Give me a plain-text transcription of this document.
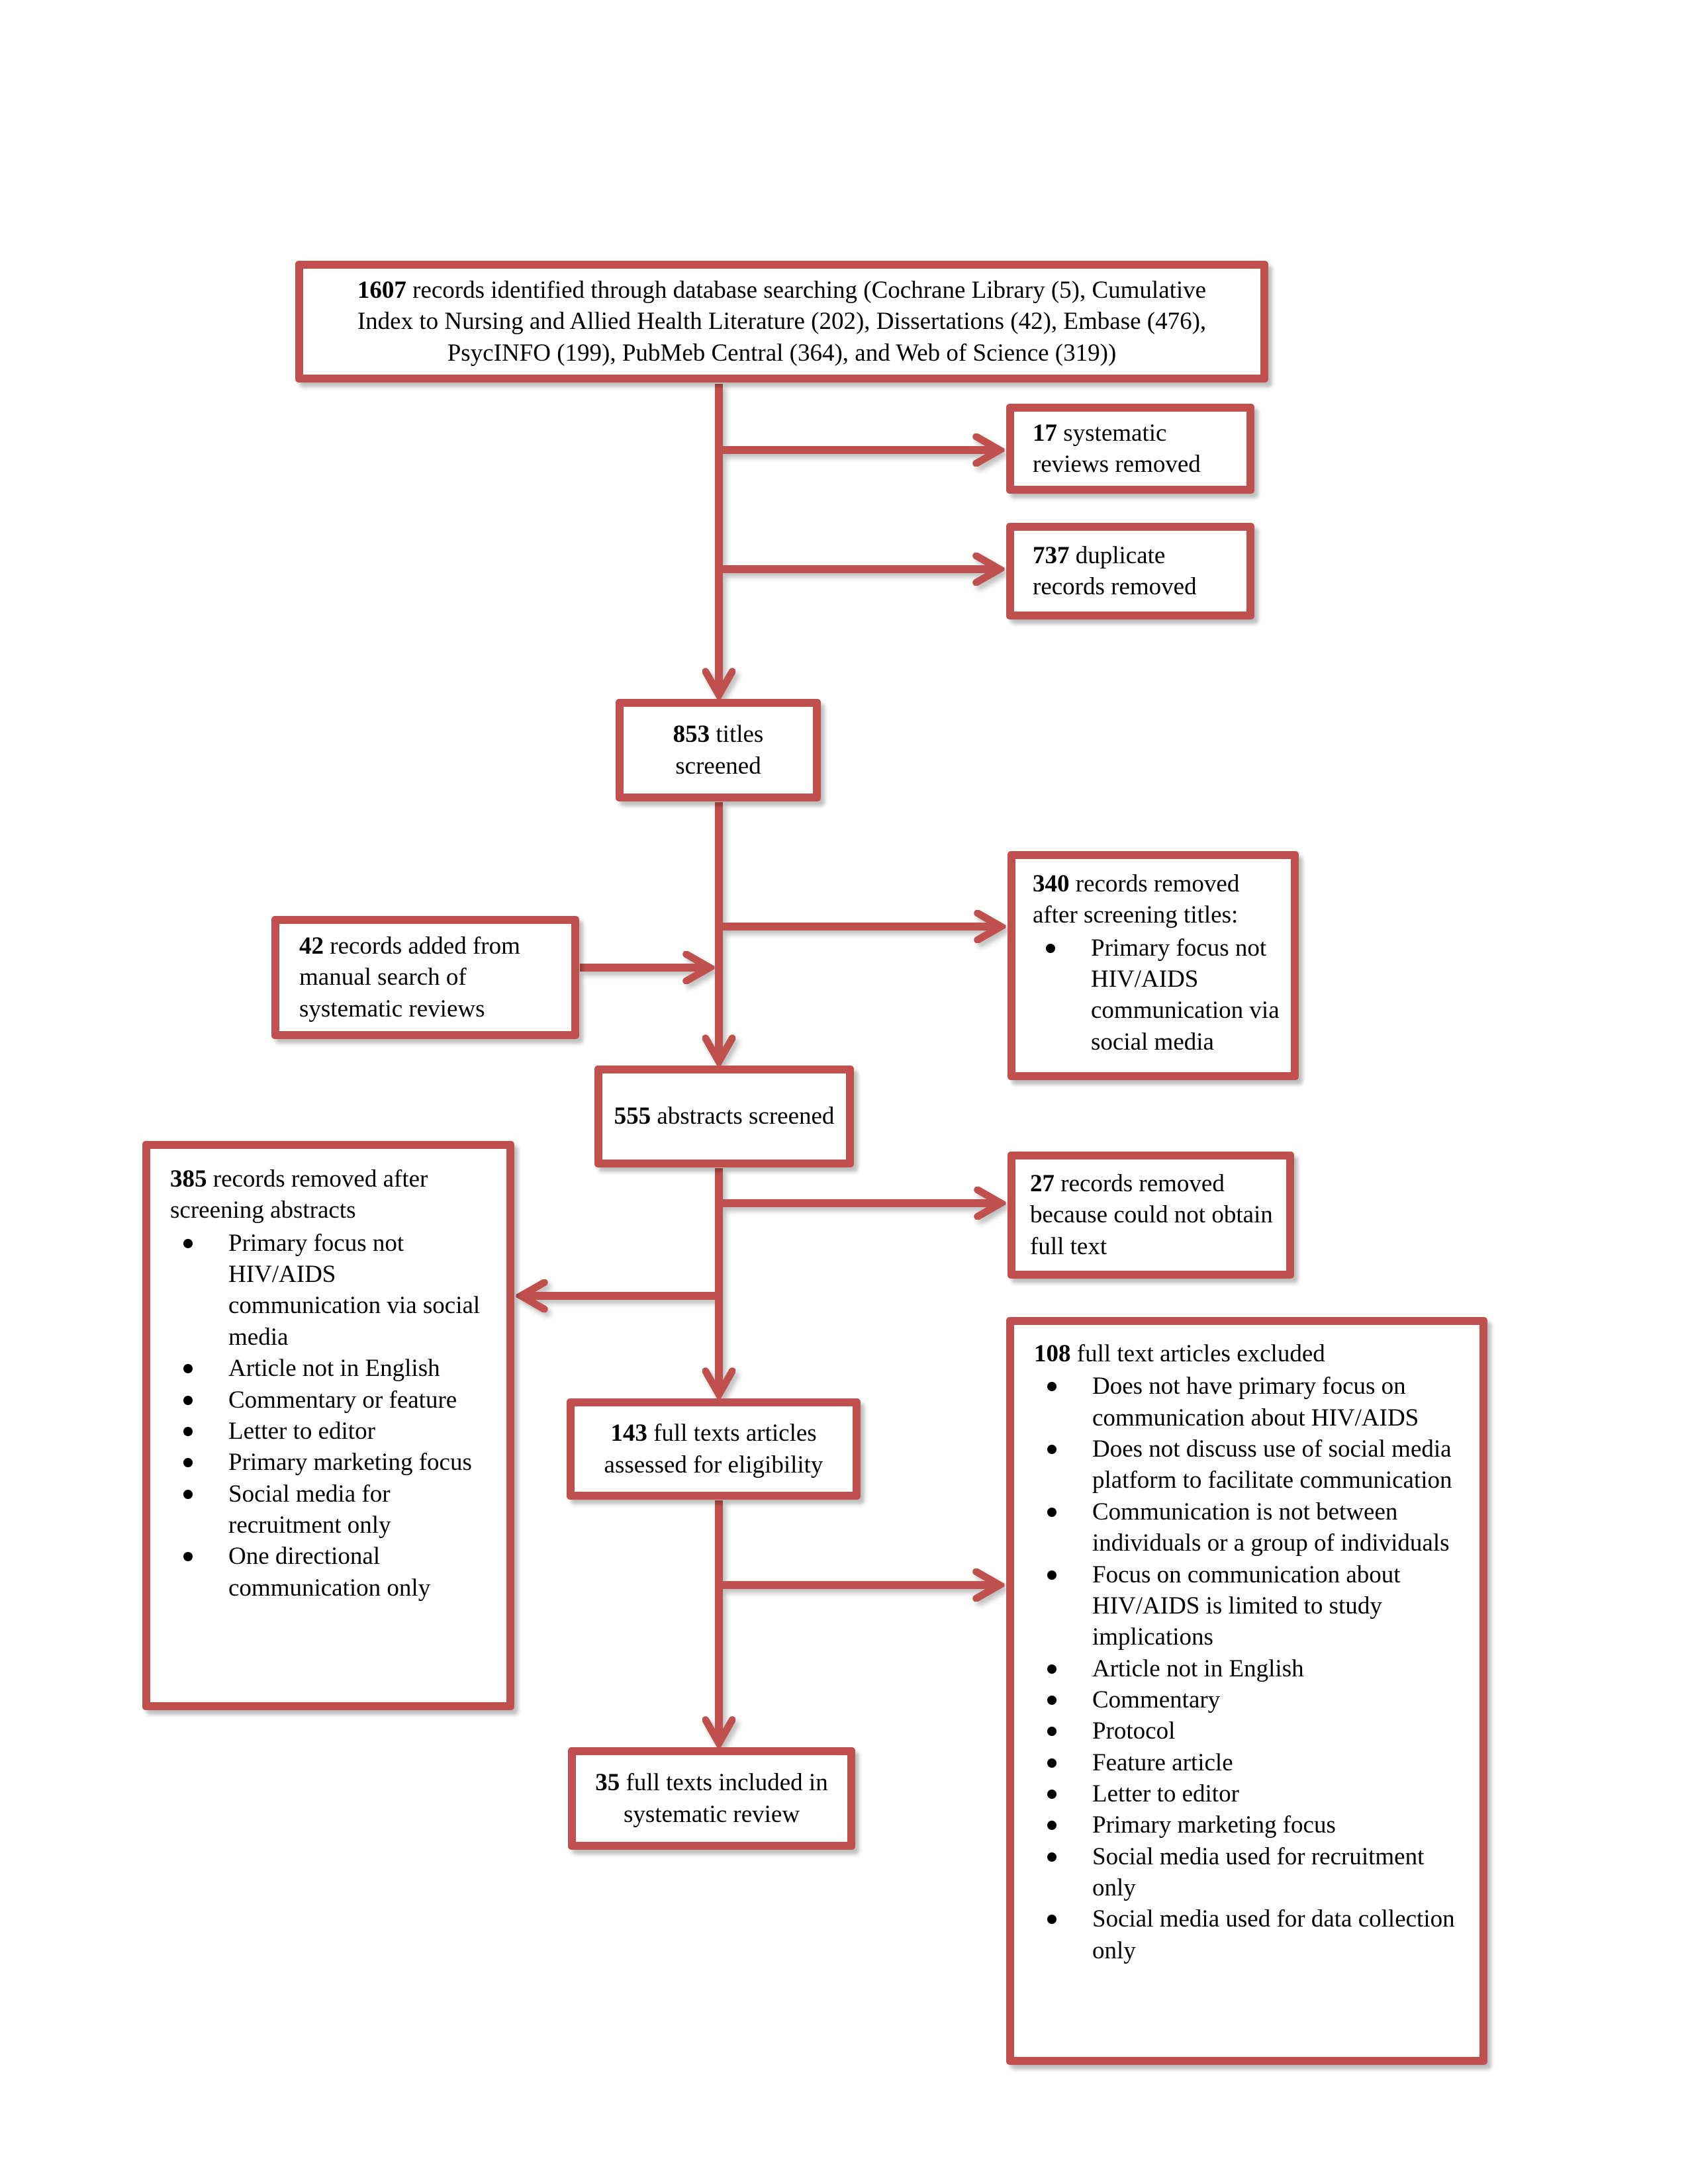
1607 records identified through database searching (Cochrane Library (5), Cumulative Index to Nursing and Allied Health Literature (202), Dissertations (42), Embase (476), PsycINFO (199), PubMeb Central (364), and Web of Science (319))

17 systematic reviews removed

737 duplicate records removed

853 titles screened

340 records removed after screening titles:

Primary focus not HIV/AIDS communication via social media

42 records added from manual search of systematic reviews

555 abstracts screened

27 records removed because could not obtain full text

385 records removed after screening abstracts

Primary focus not HIV/AIDS communication via social media
Article not in English
Commentary or feature
Letter to editor
Primary marketing focus
Social media for recruitment only
One directional communication only

143 full texts articles assessed for eligibility

108 full text articles excluded

Does not have primary focus on communication about HIV/AIDS
Does not discuss use of social media platform to facilitate communication
Communication is not between individuals or a group of individuals
Focus on communication about HIV/AIDS is limited to study implications
Article not in English
Commentary
Protocol
Feature article
Letter to editor
Primary marketing focus
Social media used for recruitment only
Social media used for data collection only

35 full texts included in systematic review
